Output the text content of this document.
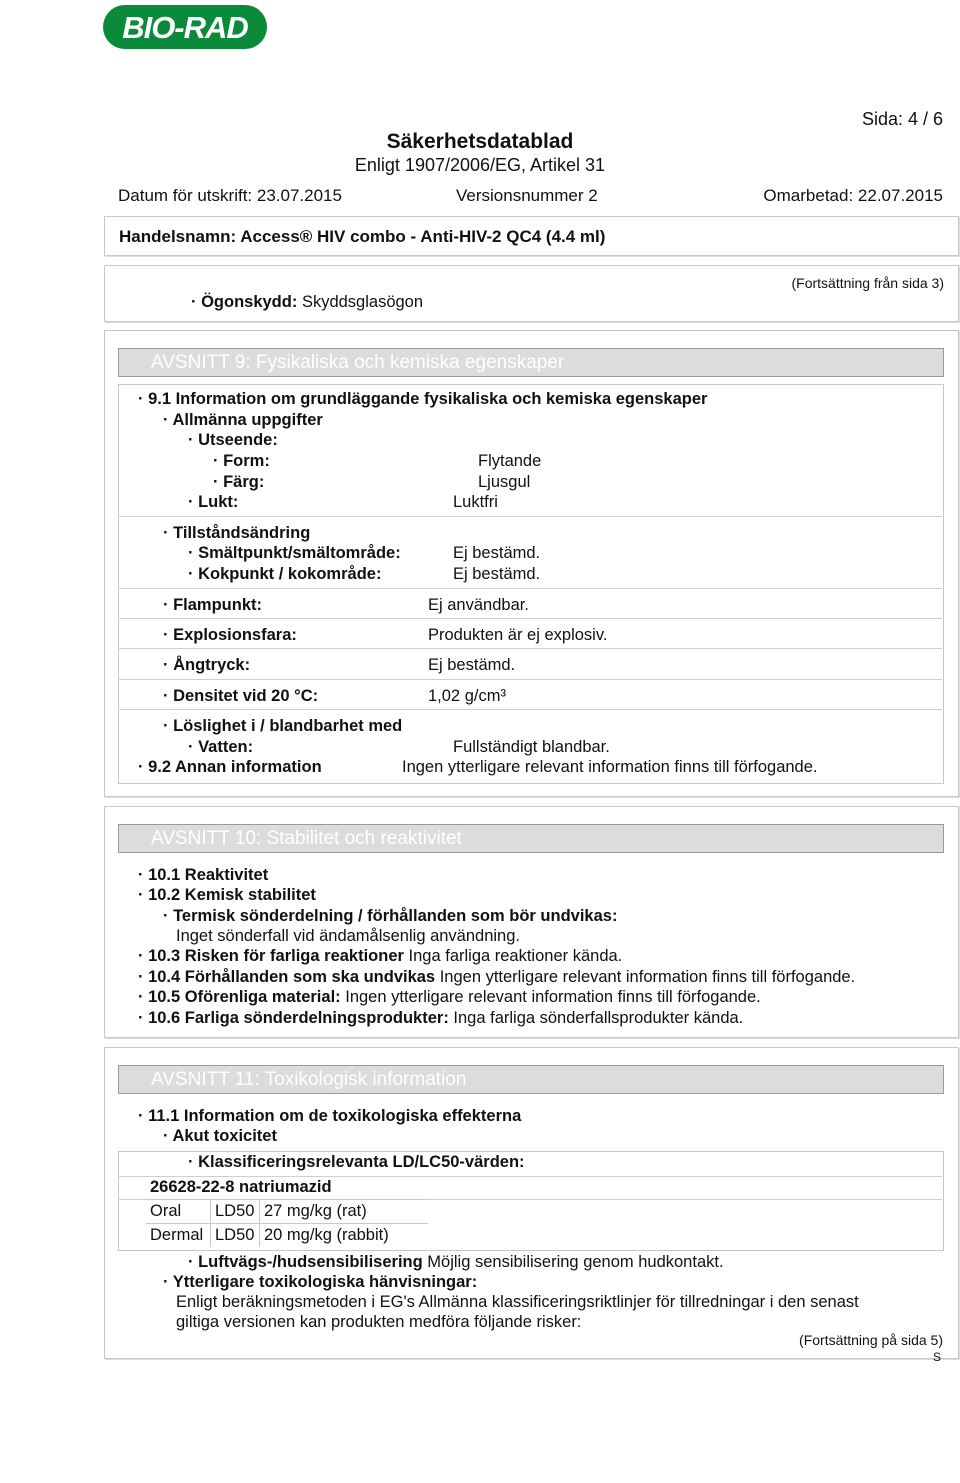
BIO-RAD
Sida: 4 / 6
Säkerhetsdatablad
Enligt 1907/2006/EG, Artikel 31
Datum för utskrift: 23.07.2015	Versionsnummer 2	Omarbetad: 22.07.2015
Handelsnamn: Access® HIV combo - Anti-HIV-2 QC4 (4.4 ml)
(Fortsättning från sida 3)
· Ögonskydd: Skyddsglasögon
AVSNITT 9: Fysikaliska och kemiska egenskaper
· 9.1 Information om grundläggande fysikaliska och kemiska egenskaper
· Allmänna uppgifter
· Utseende:
· Form:	Flytande
· Färg:	Ljusgul
· Lukt:	Luktfri
· Tillståndsändring
· Smältpunkt/smältområde:	Ej bestämd.
· Kokpunkt / kokområde:	Ej bestämd.
· Flampunkt:	Ej användbar.
· Explosionsfara:	Produkten är ej explosiv.
· Ångtryck:	Ej bestämd.
· Densitet vid 20 °C:	1,02 g/cm³
· Löslighet i / blandbarhet med
· Vatten:	Fullständigt blandbar.
· 9.2 Annan information	Ingen ytterligare relevant information finns till förfogande.
AVSNITT 10: Stabilitet och reaktivitet
· 10.1 Reaktivitet
· 10.2 Kemisk stabilitet
· Termisk sönderdelning / förhållanden som bör undvikas:
Inget sönderfall vid ändamålsenlig användning.
· 10.3 Risken för farliga reaktioner Inga farliga reaktioner kända.
· 10.4 Förhållanden som ska undvikas Ingen ytterligare relevant information finns till förfogande.
· 10.5 Oförenliga material: Ingen ytterligare relevant information finns till förfogande.
· 10.6 Farliga sönderdelningsprodukter: Inga farliga sönderfallsprodukter kända.
AVSNITT 11: Toxikologisk information
· 11.1 Information om de toxikologiska effekterna
· Akut toxicitet
· Klassificeringsrelevanta LD/LC50-värden:
26628-22-8 natriumazid
Oral	LD50	27 mg/kg (rat)
Dermal	LD50	20 mg/kg (rabbit)
· Luftvägs-/hudsensibilisering Möjlig sensibilisering genom hudkontakt.
· Ytterligare toxikologiska hänvisningar:
Enligt beräkningsmetoden i EG's Allmänna klassificeringsriktlinjer för tillredningar i den senast
giltiga versionen kan produkten medföra följande risker:
(Fortsättning på sida 5)
S
